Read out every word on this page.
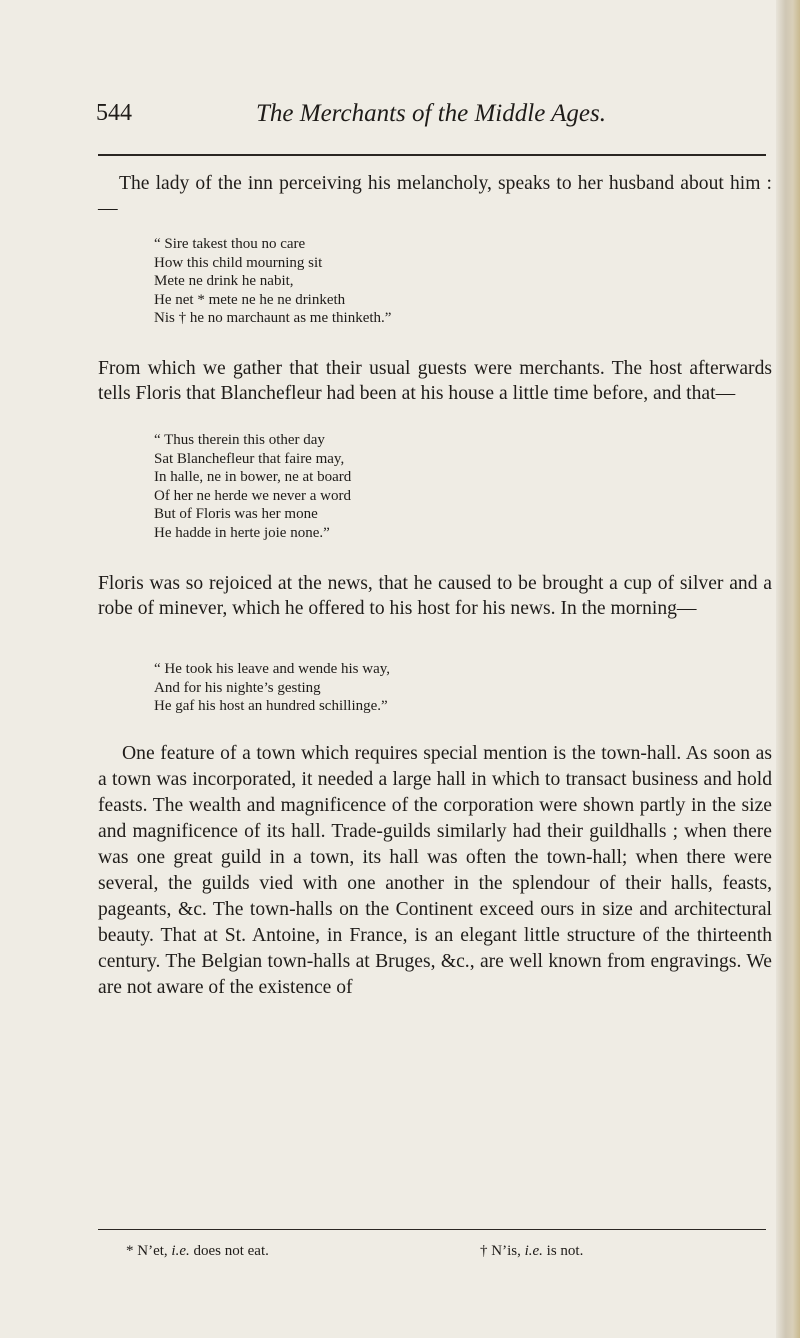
544	The Merchants of the Middle Ages.

The lady of the inn perceiving his melancholy, speaks to her husband about him :—

“ Sire takest thou no care
How this child mourning sit
Mete ne drink he nabit,
He net * mete ne he ne drinketh
Nis † he no marchaunt as me thinketh.”

From which we gather that their usual guests were merchants. The host afterwards tells Floris that Blanchefleur had been at his house a little time before, and that—

“ Thus therein this other day
Sat Blanchefleur that faire may,
In halle, ne in bower, ne at board
Of her ne herde we never a word
But of Floris was her mone
He hadde in herte joie none.”

Floris was so rejoiced at the news, that he caused to be brought a cup of silver and a robe of minever, which he offered to his host for his news. In the morning—

“ He took his leave and wende his way,
And for his nighte’s gesting
He gaf his host an hundred schillinge.”

One feature of a town which requires special mention is the town-hall. As soon as a town was incorporated, it needed a large hall in which to transact business and hold feasts. The wealth and magnificence of the corporation were shown partly in the size and magnificence of its hall. Trade-guilds similarly had their guildhalls ; when there was one great guild in a town, its hall was often the town-hall; when there were several, the guilds vied with one another in the splendour of their halls, feasts, pageants, &c. The town-halls on the Continent exceed ours in size and architectural beauty. That at St. Antoine, in France, is an elegant little structure of the thirteenth century. The Belgian town-halls at Bruges, &c., are well known from engravings. We are not aware of the existence of

* N’et, i.e. does not eat.	† N’is, i.e. is not.
